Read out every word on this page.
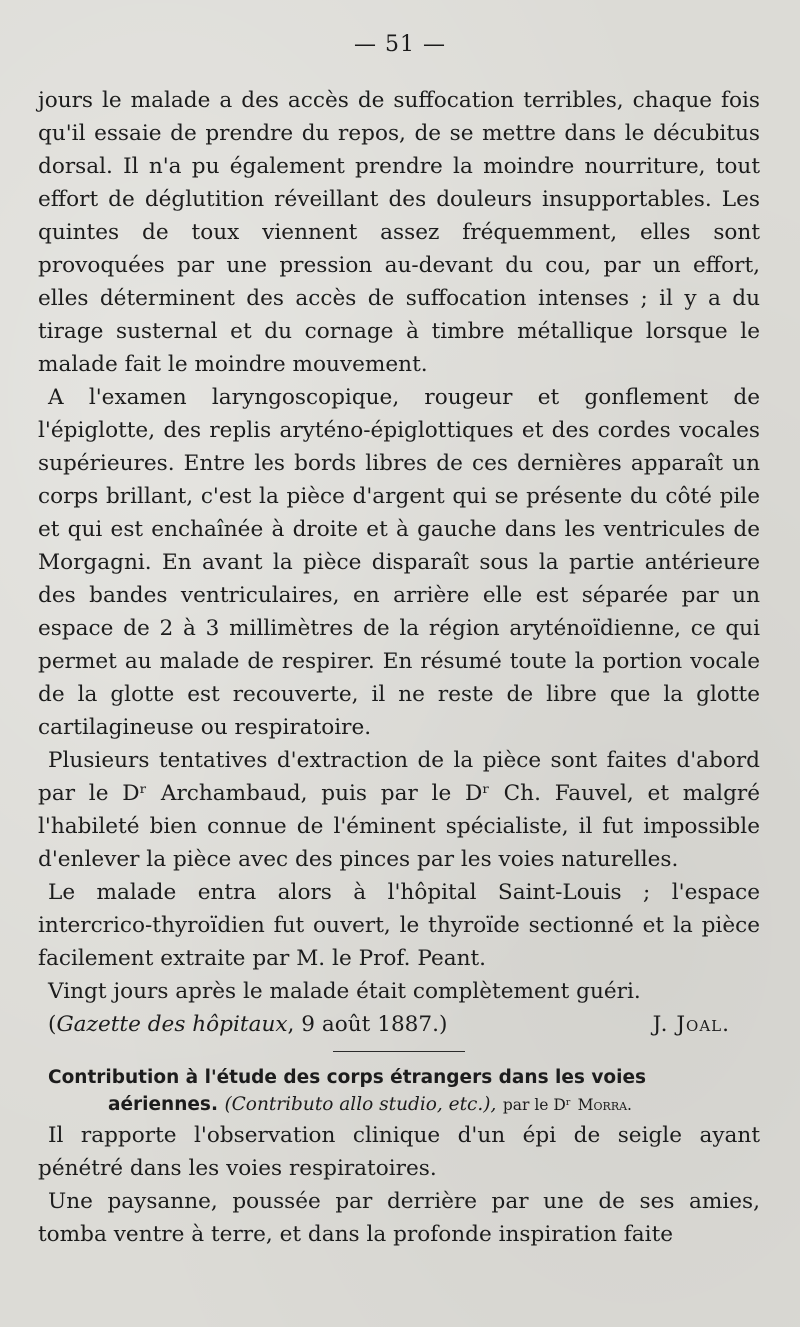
— 51 —

jours le malade a des accès de suffocation terribles, chaque fois qu'il essaie de prendre du repos, de se mettre dans le décubitus dorsal. Il n'a pu également prendre la moindre nourriture, tout effort de déglutition réveillant des douleurs insupportables. Les quintes de toux viennent assez fréquemment, elles sont provoquées par une pression au-devant du cou, par un effort, elles déterminent des accès de suffocation intenses ; il y a du tirage susternal et du cornage à timbre métallique lorsque le malade fait le moindre mouvement.

A l'examen laryngoscopique, rougeur et gonflement de l'épiglotte, des replis aryténo-épiglottiques et des cordes vocales supérieures. Entre les bords libres de ces dernières apparaît un corps brillant, c'est la pièce d'argent qui se présente du côté pile et qui est enchaînée à droite et à gauche dans les ventricules de Morgagni. En avant la pièce disparaît sous la partie antérieure des bandes ventriculaires, en arrière elle est séparée par un espace de 2 à 3 millimètres de la région aryténoïdienne, ce qui permet au malade de respirer. En résumé toute la portion vocale de la glotte est recouverte, il ne reste de libre que la glotte cartilagineuse ou respiratoire.

Plusieurs tentatives d'extraction de la pièce sont faites d'abord par le Dʳ Archambaud, puis par le Dʳ Ch. Fauvel, et malgré l'habileté bien connue de l'éminent spécialiste, il fut impossible d'enlever la pièce avec des pinces par les voies naturelles.

Le malade entra alors à l'hôpital Saint-Louis ; l'espace intercrico-thyroïdien fut ouvert, le thyroïde sectionné et la pièce facilement extraite par M. le Prof. Peant.

Vingt jours après le malade était complètement guéri.

(Gazette des hôpitaux, 9 août 1887.)	J. Joal.
Contribution à l'étude des corps étrangers dans les voies
aériennes. (Contributo allo studio, etc.), par le Dʳ Morra.

Il rapporte l'observation clinique d'un épi de seigle ayant pénétré dans les voies respiratoires.

Une paysanne, poussée par derrière par une de ses amies, tomba ventre à terre, et dans la profonde inspiration faite
